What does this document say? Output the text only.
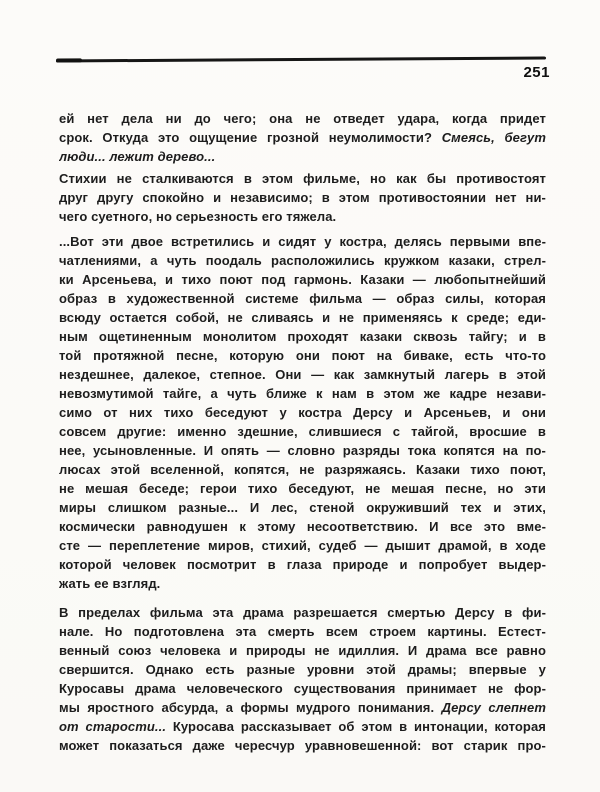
251
ей нет дела ни до чего; она не отведет удара, когда придет
срок. Откуда это ощущение грозной неумолимости? Смеясь, бегут
люди... лежит дерево...
Стихии не сталкиваются в этом фильме, но как бы противостоят
друг другу спокойно и независимо; в этом противостоянии нет ни-
чего суетного, но серьезность его тяжела.
...Вот эти двое встретились и сидят у костра, делясь первыми впе-
чатлениями, а чуть поодаль расположились кружком казаки, стрел-
ки Арсеньева, и тихо поют под гармонь. Казаки — любопытнейший
образ в художественной системе фильма — образ силы, которая
всюду остается собой, не сливаясь и не применяясь к среде; еди-
ным ощетиненным монолитом проходят казаки сквозь тайгу; и в
той протяжной песне, которую они поют на биваке, есть что-то
нездешнее, далекое, степное. Они — как замкнутый лагерь в этой
невозмутимой тайге, а чуть ближе к нам в этом же кадре незави-
симо от них тихо беседуют у костра Дерсу и Арсеньев, и они
совсем другие: именно здешние, слившиеся с тайгой, вросшие в
нее, усыновленные. И опять — словно разряды тока копятся на по-
люсах этой вселенной, копятся, не разряжаясь. Казаки тихо поют,
не мешая беседе; герои тихо беседуют, не мешая песне, но эти
миры слишком разные... И лес, стеной окруживший тех и этих,
космически равнодушен к этому несоответствию. И все это вме-
сте — переплетение миров, стихий, судеб — дышит драмой, в ходе
которой человек посмотрит в глаза природе и попробует выдер-
жать ее взгляд.
В пределах фильма эта драма разрешается смертью Дерсу в фи-
нале. Но подготовлена эта смерть всем строем картины. Естест-
венный союз человека и природы не идиллия. И драма все равно
свершится. Однако есть разные уровни этой драмы; впервые у
Куросавы драма человеческого существования принимает не фор-
мы яростного абсурда, а формы мудрого понимания. Дерсу слепнет
от старости... Куросава рассказывает об этом в интонации, которая
может показаться даже чересчур уравновешенной: вот старик про-
